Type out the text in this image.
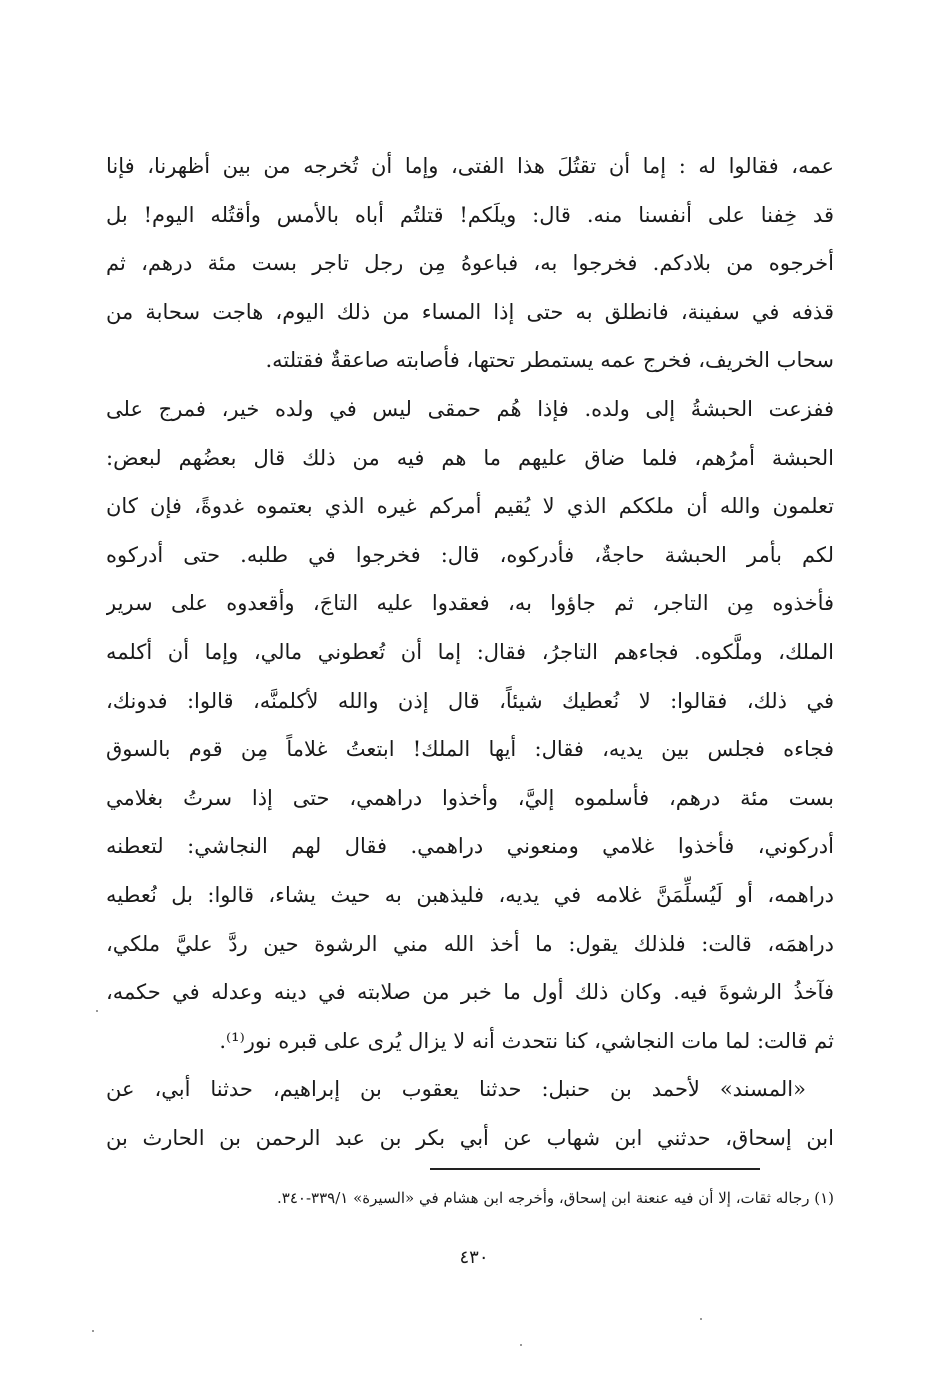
عمه، فقالوا له : إما أن تقتُلَ هذا الفتى، وإما أن تُخرجه من بين أظهرنا، فإنا
قد خِفنا على أنفسنا منه. قال: ويلَكم! قتلتُم أباه بالأمس وأقتُله اليوم! بل
أخرجوه من بلادكم. فخرجوا به، فباعوهُ مِن رجل تاجر بست مئة درهم، ثم
قذفه في سفينة، فانطلق به حتى إذا المساء من ذلك اليوم، هاجت سحابة من
سحاب الخريف، فخرج عمه يستمطر تحتها، فأصابته صاعقةٌ فقتلته.
ففزعت الحبشةُ إلى ولده. فإذا هُم حمقى ليس في ولده خير، فمرج على
الحبشة أمرُهم، فلما ضاق عليهم ما هم فيه من ذلك قال بعضُهم لبعض:
تعلمون والله أن ملككم الذي لا يُقيم أمركم غيره الذي بعتموه غدوةً، فإن كان
لكم بأمر الحبشة حاجةٌ، فأدركوه، قال: فخرجوا في طلبه. حتى أدركوه
فأخذوه مِن التاجر، ثم جاؤوا به، فعقدوا عليه التاجَ، وأقعدوه على سرير
الملك، وملَّكوه. فجاءهم التاجرُ، فقال: إما أن تُعطوني مالي، وإما أن أكلمه
في ذلك، فقالوا: لا نُعطيك شيئاً، قال إذن والله لأكلمنَّه، قالوا: فدونك،
فجاءه فجلس بين يديه، فقال: أيها الملك! ابتعتُ غلاماً مِن قوم بالسوق
بست مئة درهم، فأسلموه إليَّ، وأخذوا دراهمي، حتى إذا سرتُ بغلامي
أدركوني، فأخذوا غلامي ومنعوني دراهمي. فقال لهم النجاشي: لتعطنه
دراهمه، أو لَيُسلِّمَنَّ غلامه في يديه، فليذهبن به حيث يشاء، قالوا: بل نُعطيه
دراهمَه، قالت: فلذلك يقول: ما أخذ الله مني الرشوة حين ردَّ عليَّ ملكي،
فآخذُ الرشوةَ فيه. وكان ذلك أول ما خبر من صلابته في دينه وعدله في حكمه،
ثم قالت: لما مات النجاشي، كنا نتحدث أنه لا يزال يُرى على قبره نور⁽¹⁾.
«المسند» لأحمد بن حنبل: حدثنا يعقوب بن إبراهيم، حدثنا أبي، عن
ابن إسحاق، حدثني ابن شهاب عن أبي بكر بن عبد الرحمن بن الحارث بن
(١) رجاله ثقات، إلا أن فيه عنعنة ابن إسحاق، وأخرجه ابن هشام في «السيرة» ٣٣٩/١-٣٤٠.
٤٣٠
